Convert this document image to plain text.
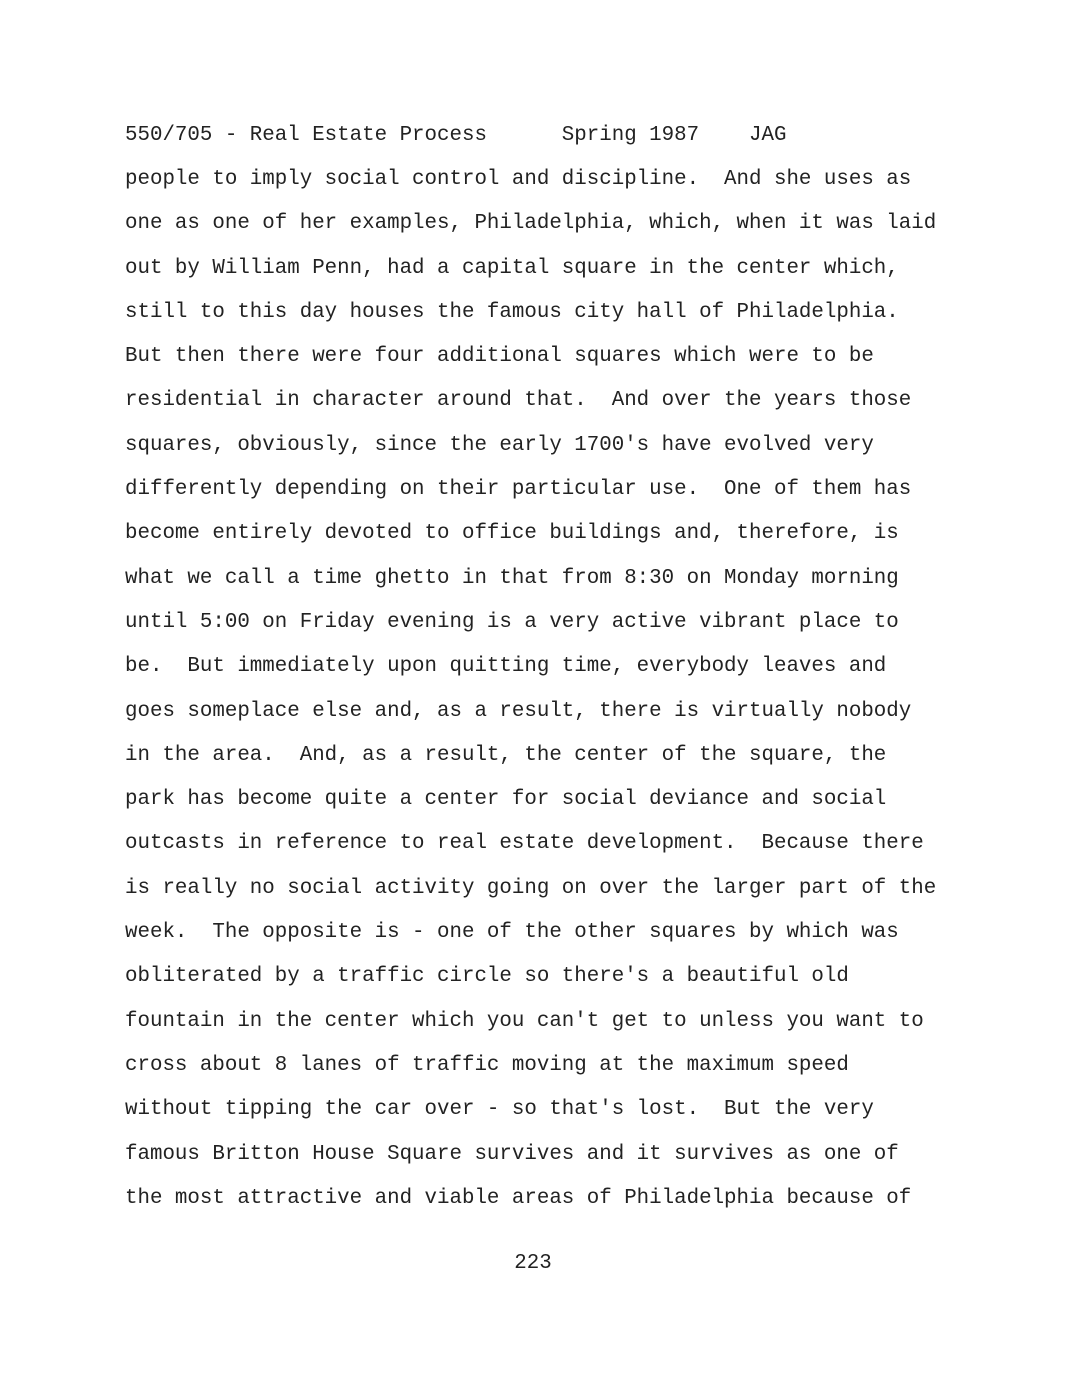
550/705 - Real Estate Process      Spring 1987    JAG
people to imply social control and discipline.  And she uses as
one as one of her examples, Philadelphia, which, when it was laid
out by William Penn, had a capital square in the center which,
still to this day houses the famous city hall of Philadelphia.
But then there were four additional squares which were to be
residential in character around that.  And over the years those
squares, obviously, since the early 1700's have evolved very
differently depending on their particular use.  One of them has
become entirely devoted to office buildings and, therefore, is
what we call a time ghetto in that from 8:30 on Monday morning
until 5:00 on Friday evening is a very active vibrant place to
be.  But immediately upon quitting time, everybody leaves and
goes someplace else and, as a result, there is virtually nobody
in the area.  And, as a result, the center of the square, the
park has become quite a center for social deviance and social
outcasts in reference to real estate development.  Because there
is really no social activity going on over the larger part of the
week.  The opposite is - one of the other squares by which was
obliterated by a traffic circle so there's a beautiful old
fountain in the center which you can't get to unless you want to
cross about 8 lanes of traffic moving at the maximum speed
without tipping the car over - so that's lost.  But the very
famous Britton House Square survives and it survives as one of
the most attractive and viable areas of Philadelphia because of
223
